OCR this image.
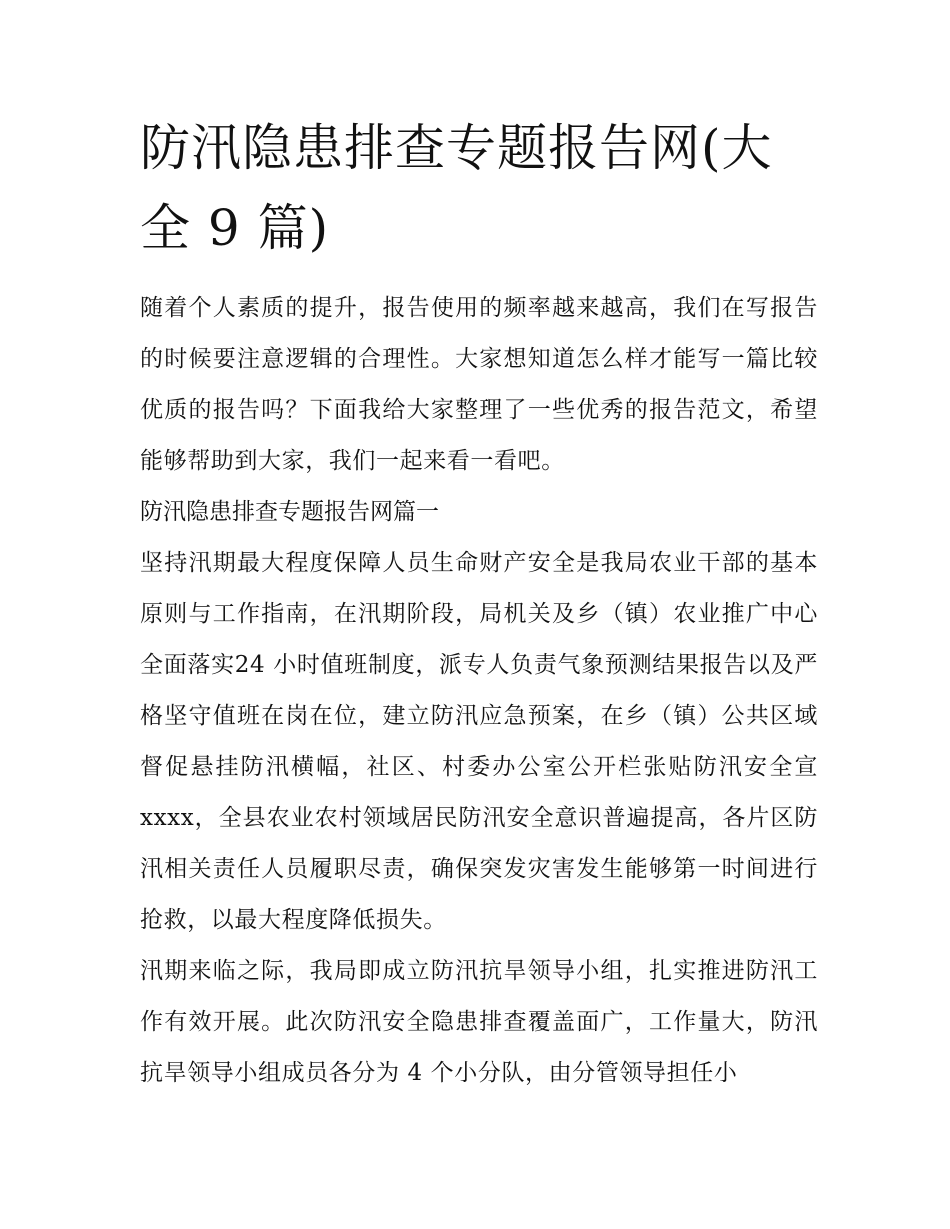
防汛隐患排查专题报告网(大全 9 篇)

随着个人素质的提升，报告使用的频率越来越高，我们在写报告的时候要注意逻辑的合理性。大家想知道怎么样才能写一篇比较优质的报告吗？下面我给大家整理了一些优秀的报告范文，希望能够帮助到大家，我们一起来看一看吧。

防汛隐患排查专题报告网篇一

坚持汛期最大程度保障人员生命财产安全是我局农业干部的基本原则与工作指南，在汛期阶段，局机关及乡（镇）农业推广中心全面落实24 小时值班制度，派专人负责气象预测结果报告以及严格坚守值班在岗在位，建立防汛应急预案，在乡（镇）公共区域督促悬挂防汛横幅，社区、村委办公室公开栏张贴防汛安全宣 xxxx，全县农业农村领域居民防汛安全意识普遍提高，各片区防汛相关责任人员履职尽责，确保突发灾害发生能够第一时间进行抢救，以最大程度降低损失。

汛期来临之际，我局即成立防汛抗旱领导小组，扎实推进防汛工作有效开展。此次防汛安全隐患排查覆盖面广，工作量大，防汛抗旱领导小组成员各分为 4 个小分队，由分管领导担任小
